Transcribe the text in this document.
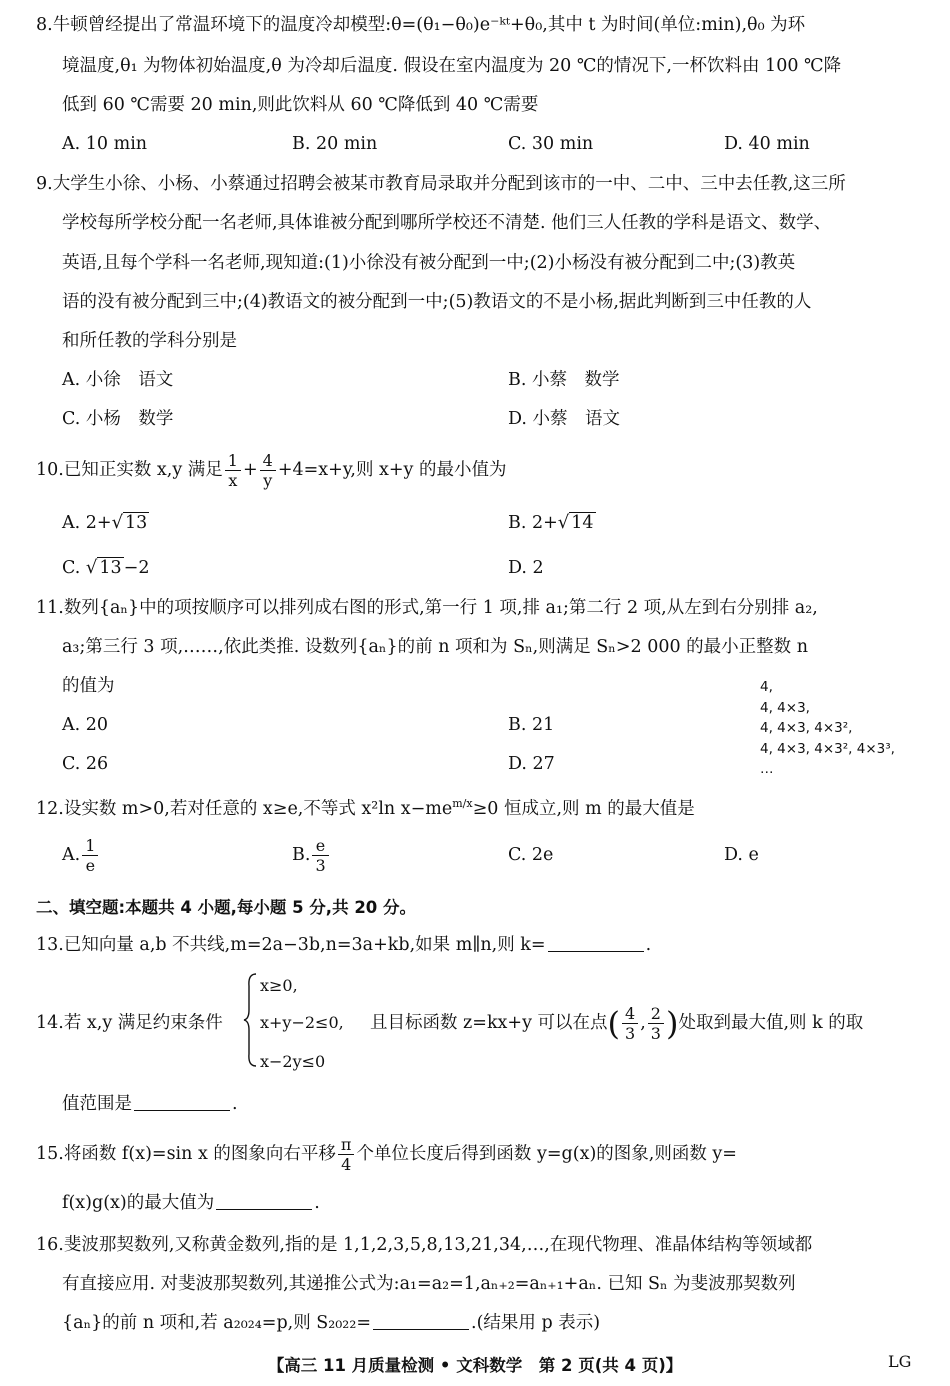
8.牛顿曾经提出了常温环境下的温度冷却模型:θ=(θ₁−θ₀)e⁻ᵏᵗ+θ₀,其中 t 为时间(单位:min),θ₀ 为环
境温度,θ₁ 为物体初始温度,θ 为冷却后温度. 假设在室内温度为 20 ℃的情况下,一杯饮料由 100 ℃降
低到 60 ℃需要 20 min,则此饮料从 60 ℃降低到 40 ℃需要
A. 10 min	B. 20 min	C. 30 min	D. 40 min
9.大学生小徐、小杨、小蔡通过招聘会被某市教育局录取并分配到该市的一中、二中、三中去任教,这三所
学校每所学校分配一名老师,具体谁被分配到哪所学校还不清楚. 他们三人任教的学科是语文、数学、
英语,且每个学科一名老师,现知道:(1)小徐没有被分配到一中;(2)小杨没有被分配到二中;(3)教英
语的没有被分配到三中;(4)教语文的被分配到一中;(5)教语文的不是小杨,据此判断到三中任教的人
和所任教的学科分别是
A. 小徐　语文	B. 小蔡　数学
C. 小杨　数学	D. 小蔡　语文
10.已知正实数 x,y 满足 $\frac{1}{x} + \frac{4}{y} +4=x+y$,则 x+y 的最小值为
A. 2+√ 13	B. 2+√ 14
C. √ 13 −2	D. 2
11.数列{aₙ}中的项按顺序可以排列成右图的形式,第一行 1 项,排 a₁;第二行 2 项,从左到右分别排 a₂,
a₃;第三行 3 项,……,依此类推. 设数列{aₙ}的前 n 项和为 Sₙ,则满足 Sₙ>2 000 的最小正整数 n
的值为
A. 20	B. 21
C. 26	D. 27
4,
4, 4×3,
4, 4×3, 4×3²,
4, 4×3, 4×3², 4×3³,
…
12.设实数 m>0,若对任意的 x≥e,不等式 x²ln $x-me^{m/x}\ge 0$ 恒成立,则 m 的最大值是
A. $\frac{1}{e}$	B. $\frac{e}{3}$	C. 2e	D. e
二、填空题:本题共 4 小题,每小题 5 分,共 20 分。
13.已知向量 a,b 不共线,m=2a−3b,n=3a+kb,如果 m∥n,则 k=	.
x≥0,
x+y−2≤0,
x−2y≤0
14.若 x,y 满足约束条件	且目标函数 z=kx+y 可以在点( $\frac{4}{3}$ , $\frac{2}{3}$ )处取到最大值,则 k 的取
值范围是	.
15.将函数 f(x)=sin x 的图象向右平移 $\frac{\pi}{4}$ 个单位长度后得到函数 y=g(x)的图象,则函数 y=
f(x)g(x)的最大值为	.
16.斐波那契数列,又称黄金数列,指的是 1,1,2,3,5,8,13,21,34,…,在现代物理、准晶体结构等领域都
有直接应用. 对斐波那契数列,其递推公式为:a₁=a₂=1,aₙ₊₂=aₙ₊₁+aₙ. 已知 Sₙ 为斐波那契数列
{aₙ}的前 n 项和,若 a₂₀₂₄=p,则 S₂₀₂₂=	.(结果用 p 表示)
【高三 11 月质量检测 • 文科数学　第 2 页(共 4 页)】	LG
